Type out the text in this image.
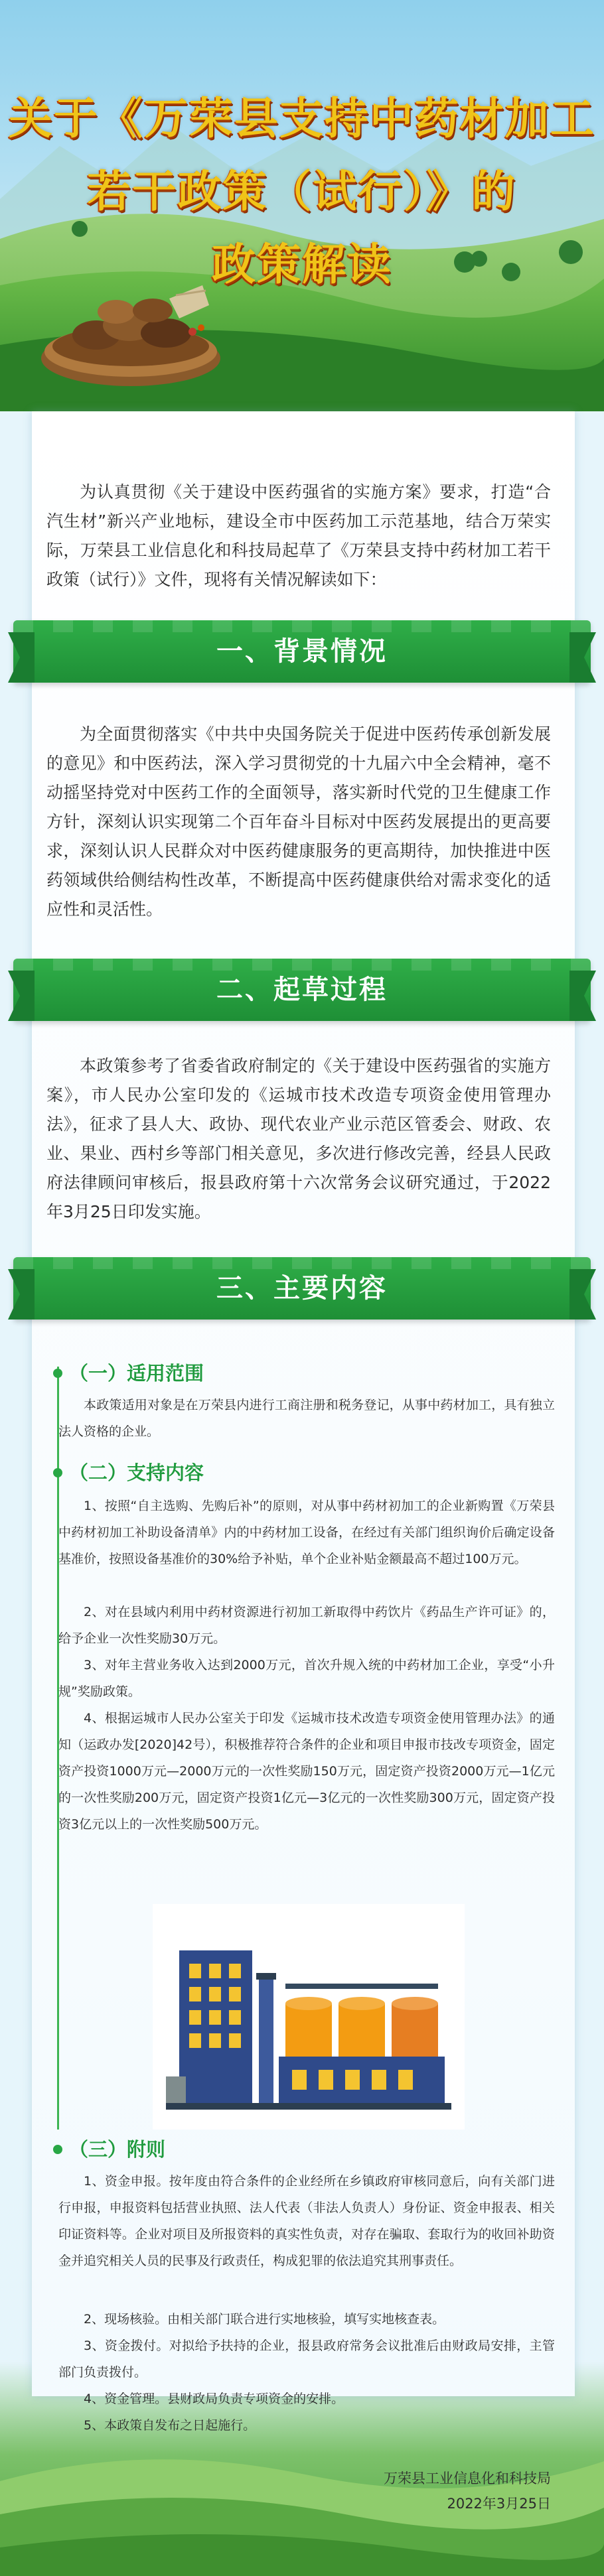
关于《万荣县支持中药材加工
若干政策（试行）》的
政策解读

为认真贯彻《关于建设中医药强省的实施方案》要求，打造“合汽生材”新兴产业地标，建设全市中医药加工示范基地，结合万荣实际，万荣县工业信息化和科技局起草了《万荣县支持中药材加工若干政策（试行）》文件，现将有关情况解读如下：

一、背景情况

为全面贯彻落实《中共中央国务院关于促进中医药传承创新发展的意见》和中医药法，深入学习贯彻党的十九届六中全会精神，毫不动摇坚持党对中医药工作的全面领导，落实新时代党的卫生健康工作方针，深刻认识实现第二个百年奋斗目标对中医药发展提出的更高要求，深刻认识人民群众对中医药健康服务的更高期待，加快推进中医药领域供给侧结构性改革，不断提高中医药健康供给对需求变化的适应性和灵活性。

二、起草过程

本政策参考了省委省政府制定的《关于建设中医药强省的实施方案》，市人民办公室印发的《运城市技术改造专项资金使用管理办法》，征求了县人大、政协、现代农业产业示范区管委会、财政、农业、果业、西村乡等部门相关意见，多次进行修改完善，经县人民政府法律顾问审核后，报县政府第十六次常务会议研究通过，于2022年3月25日印发实施。

三、主要内容
（一）适用范围

本政策适用对象是在万荣县内进行工商注册和税务登记，从事中药材加工，具有独立法人资格的企业。

（二）支持内容

1、按照“自主选购、先购后补”的原则，对从事中药材初加工的企业新购置《万荣县中药材初加工补助设备清单》内的中药材加工设备，在经过有关部门组织询价后确定设备基准价，按照设备基准价的30%给予补贴，单个企业补贴金额最高不超过100万元。

2、对在县域内利用中药材资源进行初加工新取得中药饮片《药品生产许可证》的，给予企业一次性奖励30万元。

3、对年主营业务收入达到2000万元，首次升规入统的中药材加工企业，享受“小升规”奖励政策。

4、根据运城市人民办公室关于印发《运城市技术改造专项资金使用管理办法》的通知（运政办发[2020]42号），积极推荐符合条件的企业和项目申报市技改专项资金，固定资产投资1000万元—2000万元的一次性奖励150万元，固定资产投资2000万元—1亿元的一次性奖励200万元，固定资产投资1亿元—3亿元的一次性奖励300万元，固定资产投资3亿元以上的一次性奖励500万元。

（三）附则

1、资金申报。按年度由符合条件的企业经所在乡镇政府审核同意后，向有关部门进行申报，申报资料包括营业执照、法人代表（非法人负责人）身份证、资金申报表、相关印证资料等。企业对项目及所报资料的真实性负责，对存在骗取、套取行为的收回补助资金并追究相关人员的民事及行政责任，构成犯罪的依法追究其刑事责任。

2、现场核验。由相关部门联合进行实地核验，填写实地核查表。

3、资金拨付。对拟给予扶持的企业，报县政府常务会议批准后由财政局安排，主管部门负责拨付。

4、资金管理。县财政局负责专项资金的安排。

5、本政策自发布之日起施行。

万荣县工业信息化和科技局
2022年3月25日
